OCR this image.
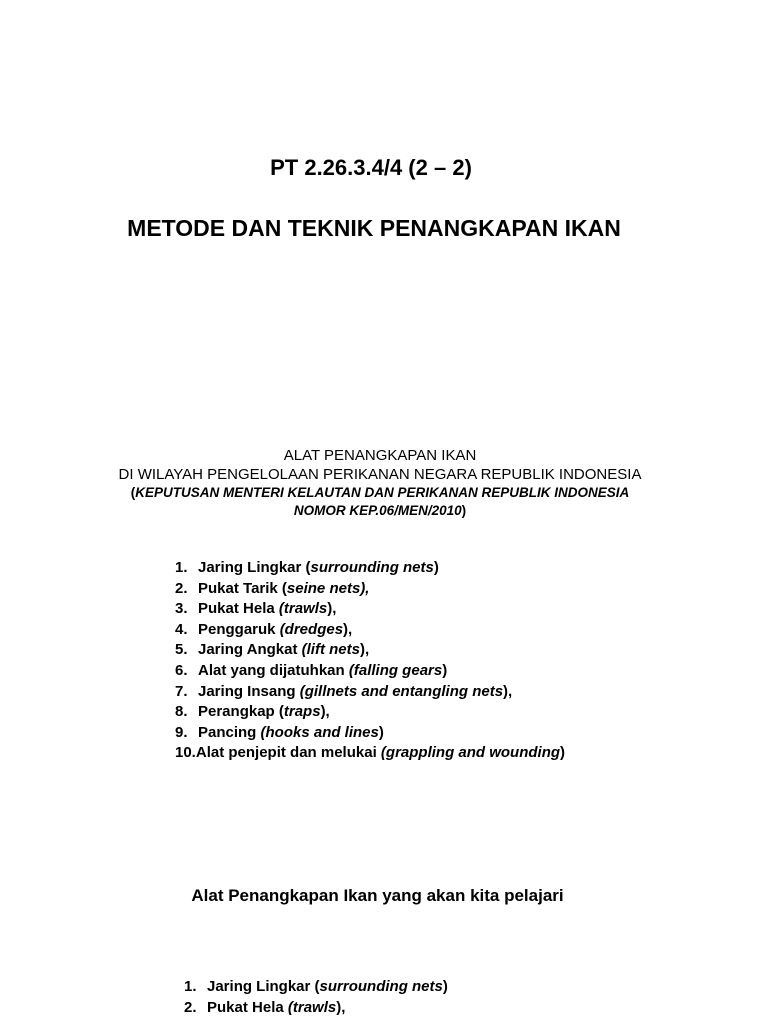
PT 2.26.3.4/4 (2 – 2)
METODE DAN TEKNIK PENANGKAPAN IKAN
ALAT PENANGKAPAN IKAN
DI WILAYAH PENGELOLAAN PERIKANAN NEGARA REPUBLIK INDONESIA
(KEPUTUSAN MENTERI KELAUTAN DAN PERIKANAN REPUBLIK INDONESIA
NOMOR KEP.06/MEN/2010)
1. Jaring Lingkar (surrounding nets)
2. Pukat Tarik (seine nets),
3. Pukat Hela (trawls),
4. Penggaruk (dredges),
5. Jaring Angkat (lift nets),
6. Alat yang dijatuhkan (falling gears)
7. Jaring Insang (gillnets and entangling nets),
8. Perangkap (traps),
9. Pancing (hooks and lines)
10.Alat penjepit dan melukai (grappling and wounding)
Alat Penangkapan Ikan yang akan kita pelajari
1. Jaring Lingkar (surrounding nets)
2. Pukat Hela (trawls),
